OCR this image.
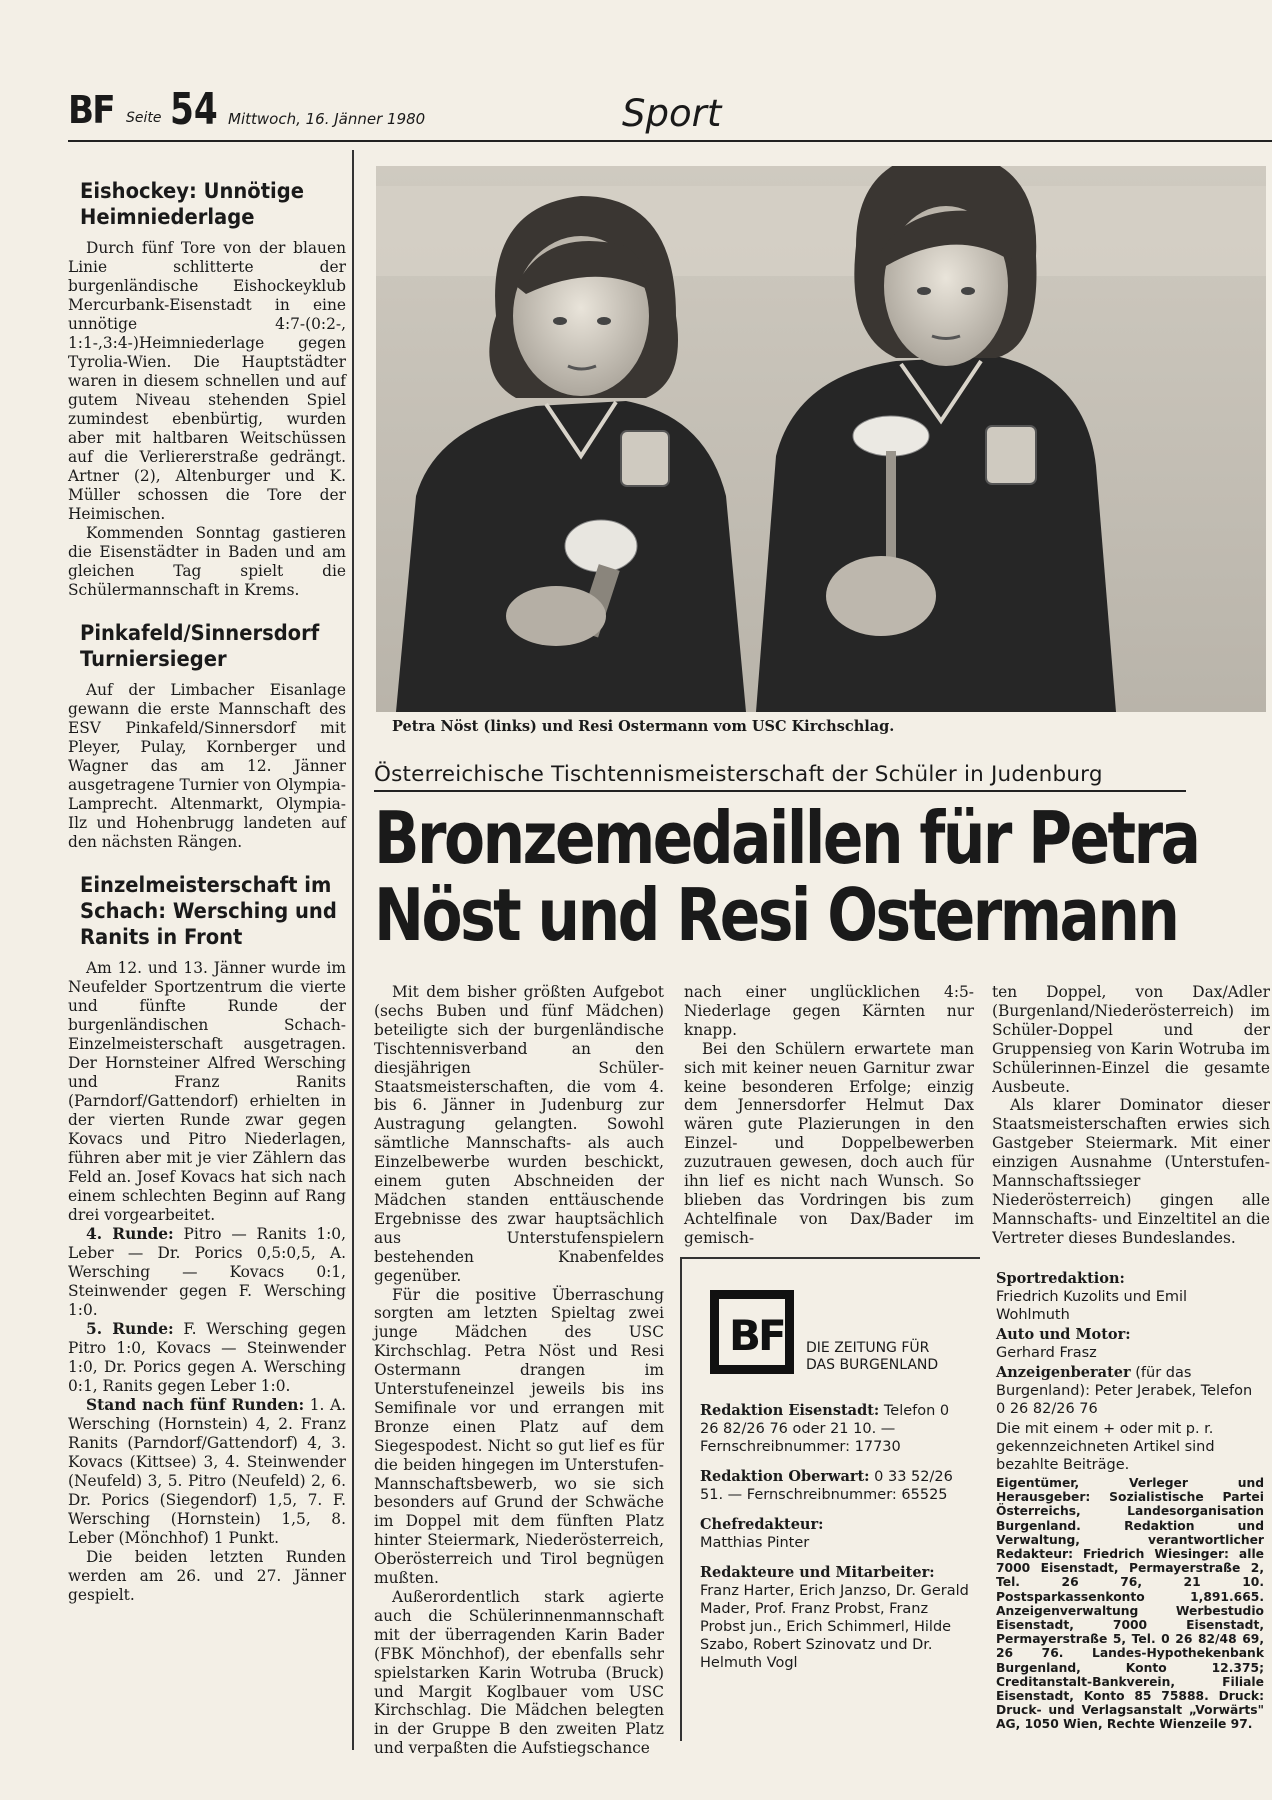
BF Seite 54 Mittwoch, 16. Jänner 1980	Sport
Eishockey: Unnötige Heimniederlage

Durch fünf Tore von der blauen Linie schlitterte der burgenländische Eishockeyklub Mercurbank-Eisenstadt in eine unnötige 4:7-(0:2-, 1:1-,3:4-)Heimniederlage gegen Tyrolia-Wien. Die Hauptstädter waren in diesem schnellen und auf gutem Niveau stehenden Spiel zumindest ebenbürtig, wurden aber mit haltbaren Weitschüssen auf die Verliererstraße gedrängt. Artner (2), Altenburger und K. Müller schossen die Tore der Heimischen.

Kommenden Sonntag gastieren die Eisenstädter in Baden und am gleichen Tag spielt die Schülermannschaft in Krems.

Pinkafeld/Sinnersdorf Turniersieger

Auf der Limbacher Eisanlage gewann die erste Mannschaft des ESV Pinkafeld/Sinnersdorf mit Pleyer, Pulay, Kornberger und Wagner das am 12. Jänner ausgetragene Turnier von Olympia-Lamprecht. Altenmarkt, Olympia-Ilz und Hohenbrugg landeten auf den nächsten Rängen.

Einzelmeisterschaft im Schach: Wersching und Ranits in Front

Am 12. und 13. Jänner wurde im Neufelder Sportzentrum die vierte und fünfte Runde der burgenländischen Schach-Einzelmeisterschaft ausgetragen. Der Hornsteiner Alfred Wersching und Franz Ranits (Parndorf/Gattendorf) erhielten in der vierten Runde zwar gegen Kovacs und Pitro Niederlagen, führen aber mit je vier Zählern das Feld an. Josef Kovacs hat sich nach einem schlechten Beginn auf Rang drei vorgearbeitet.

4. Runde: Pitro — Ranits 1:0, Leber — Dr. Porics 0,5:0,5, A. Wersching — Kovacs 0:1, Steinwender gegen F. Wersching 1:0.

5. Runde: F. Wersching gegen Pitro 1:0, Kovacs — Steinwender 1:0, Dr. Porics gegen A. Wersching 0:1, Ranits gegen Leber 1:0.

Stand nach fünf Runden: 1. A. Wersching (Hornstein) 4, 2. Franz Ranits (Parndorf/Gattendorf) 4, 3. Kovacs (Kittsee) 3, 4. Steinwender (Neufeld) 3, 5. Pitro (Neufeld) 2, 6. Dr. Porics (Siegendorf) 1,5, 7. F. Wersching (Hornstein) 1,5, 8. Leber (Mönchhof) 1 Punkt.

Die beiden letzten Runden werden am 26. und 27. Jänner gespielt.

Petra Nöst (links) und Resi Ostermann vom USC Kirchschlag.
Österreichische Tischtennismeisterschaft der Schüler in Judenburg
Bronzemedaillen für Petra
Nöst und Resi Ostermann

Mit dem bisher größten Aufgebot (sechs Buben und fünf Mädchen) beteiligte sich der burgenländische Tischtennisverband an den diesjährigen Schüler-Staatsmeisterschaften, die vom 4. bis 6. Jänner in Judenburg zur Austragung gelangten. Sowohl sämtliche Mannschafts- als auch Einzelbewerbe wurden beschickt, einem guten Abschneiden der Mädchen standen enttäuschende Ergebnisse des zwar hauptsächlich aus Unterstufenspielern bestehenden Knabenfeldes gegenüber.

Für die positive Überraschung sorgten am letzten Spieltag zwei junge Mädchen des USC Kirchschlag. Petra Nöst und Resi Ostermann drangen im Unterstufeneinzel jeweils bis ins Semifinale vor und errangen mit Bronze einen Platz auf dem Siegespodest. Nicht so gut lief es für die beiden hingegen im Unterstufen-Mannschaftsbewerb, wo sie sich besonders auf Grund der Schwäche im Doppel mit dem fünften Platz hinter Steiermark, Niederösterreich, Oberösterreich und Tirol begnügen mußten.

Außerordentlich stark agierte auch die Schülerinnenmannschaft mit der überragenden Karin Bader (FBK Mönchhof), der ebenfalls sehr spielstarken Karin Wotruba (Bruck) und Margit Koglbauer vom USC Kirchschlag. Die Mädchen belegten in der Gruppe B den zweiten Platz und verpaßten die Aufstiegschance

nach einer unglücklichen 4:5-Niederlage gegen Kärnten nur knapp.

Bei den Schülern erwartete man sich mit keiner neuen Garnitur zwar keine besonderen Erfolge; einzig dem Jennersdorfer Helmut Dax wären gute Plazierungen in den Einzel- und Doppelbewerben zuzutrauen gewesen, doch auch für ihn lief es nicht nach Wunsch. So blieben das Vordringen bis zum Achtelfinale von Dax/Bader im gemisch-

ten Doppel, von Dax/Adler (Burgenland/Niederösterreich) im Schüler-Doppel und der Gruppensieg von Karin Wotruba im Schülerinnen-Einzel die gesamte Ausbeute.

Als klarer Dominator dieser Staatsmeisterschaften erwies sich Gastgeber Steiermark. Mit einer einzigen Ausnahme (Unterstufen-Mannschaftssieger Niederösterreich) gingen alle Mannschafts- und Einzeltitel an die Vertreter dieses Bundeslandes.

BF DIE ZEITUNG FÜR
DAS BURGENLAND
Redaktion Eisenstadt: Telefon 0 26 82/26 76 oder 21 10. — Fernschreibnummer: 17730
Redaktion Oberwart: 0 33 52/26 51. — Fernschreibnummer: 65525
Chefredakteur:
Matthias Pinter
Redakteure und Mitarbeiter:
Franz Harter, Erich Janzso, Dr. Gerald Mader, Prof. Franz Probst, Franz Probst jun., Erich Schimmerl, Hilde Szabo, Robert Szinovatz und Dr. Helmuth Vogl
Sportredaktion:
Friedrich Kuzolits und Emil Wohlmuth
Auto und Motor:
Gerhard Frasz
Anzeigenberater (für das Burgenland): Peter Jerabek, Telefon 0 26 82/26 76
Die mit einem + oder mit p. r. gekennzeichneten Artikel sind bezahlte Beiträge.
Eigentümer, Verleger und Herausgeber: Sozialistische Partei Österreichs, Landesorganisation Burgenland. Redaktion und Verwaltung, verantwortlicher Redakteur: Friedrich Wiesinger: alle 7000 Eisenstadt, Permayerstraße 2, Tel. 26 76, 21 10. Postsparkassenkonto 1,891.665. Anzeigenverwaltung Werbestudio Eisenstadt, 7000 Eisenstadt, Permayerstraße 5, Tel. 0 26 82/48 69, 26 76. Landes-Hypothekenbank Burgenland, Konto 12.375; Creditanstalt-Bankverein, Filiale Eisenstadt, Konto 85 75888. Druck: Druck- und Verlagsanstalt „Vorwärts" AG, 1050 Wien, Rechte Wienzeile 97.
